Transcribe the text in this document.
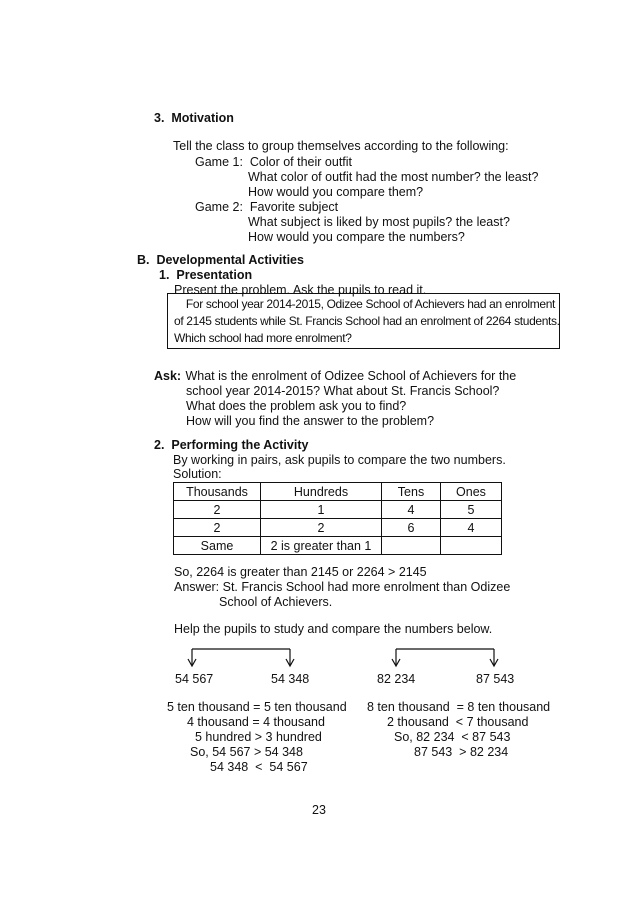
3.  Motivation
Tell the class to group themselves according to the following:
Game 1:  Color of their outfit
What color of outfit had the most number? the least?
How would you compare them?
Game 2:  Favorite subject
What subject is liked by most pupils? the least?
How would you compare the numbers?
B.  Developmental Activities
1.  Presentation
Present the problem. Ask the pupils to read it.
For school year 2014-2015, Odizee School of Achievers had an enrolment
of 2145 students while St. Francis School had an enrolment of 2264 students.
Which school had more enrolment?
Ask: What is the enrolment of Odizee School of Achievers for the
school year 2014-2015? What about St. Francis School?
What does the problem ask you to find?
How will you find the answer to the problem?
2.  Performing the Activity
By working in pairs, ask pupils to compare the two numbers.
Solution:
Thousands	Hundreds	Tens	Ones
2	1	4	5
2	2	6	4
Same	2 is greater than 1		
So, 2264 is greater than 2145 or 2264 > 2145
Answer: St. Francis School had more enrolment than Odizee
School of Achievers.
Help the pupils to study and compare the numbers below.
54 567	54 348
5 ten thousand = 5 ten thousand
4 thousand = 4 thousand
5 hundred > 3 hundred
So, 54 567 > 54 348
54 348  <  54 567
82 234	87 543
8 ten thousand  = 8 ten thousand
2 thousand  < 7 thousand
So, 82 234  < 87 543
87 543  > 82 234
23
